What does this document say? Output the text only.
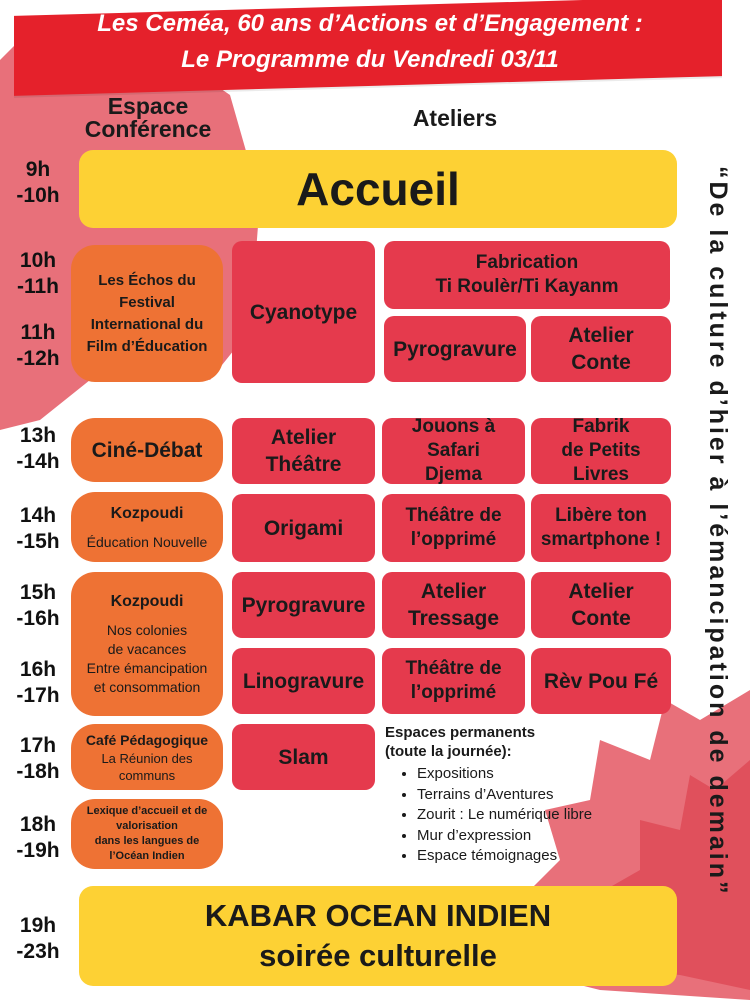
Les Ceméa, 60 ans d’Actions et d’Engagement :
Le Programme du Vendredi 03/11
Espace
Conférence	Ateliers
“De la culture d’hier à l’émancipation de demain”
9h
-10h
10h
-11h
11h
-12h
13h
-14h
14h
-15h
15h
-16h
16h
-17h
17h
-18h
18h
-19h
19h
-23h
Accueil
Les Échos du
Festival
International du
Film d’Éducation
Ciné-Débat
Kozpoudi
Éducation Nouvelle
Kozpoudi
Nos colonies
de vacances
Entre émancipation
et consommation
Café Pédagogique
La Réunion des
communs
Lexique d’accueil et de
valorisation
dans les langues de
l’Océan Indien
Cyanotype
Fabrication
Ti Roulèr/Ti Kayanm
Pyrogravure
Atelier
Conte
Atelier
Théâtre
Jouons à Safari
Djema
Fabrik
de Petits Livres
Origami
Théâtre de
l’opprimé
Libère ton
smartphone !
Pyrogravure
Atelier
Tressage
Atelier
Conte
Linogravure
Théâtre de
l’opprimé Rèv Pou Fé
Slam
Espaces permanents
(toute la journée):
• Expositions
• Terrains d’Aventures
• Zourit : Le numérique libre
• Mur d’expression
• Espace témoignages
KABAR OCEAN INDIEN
soirée culturelle
